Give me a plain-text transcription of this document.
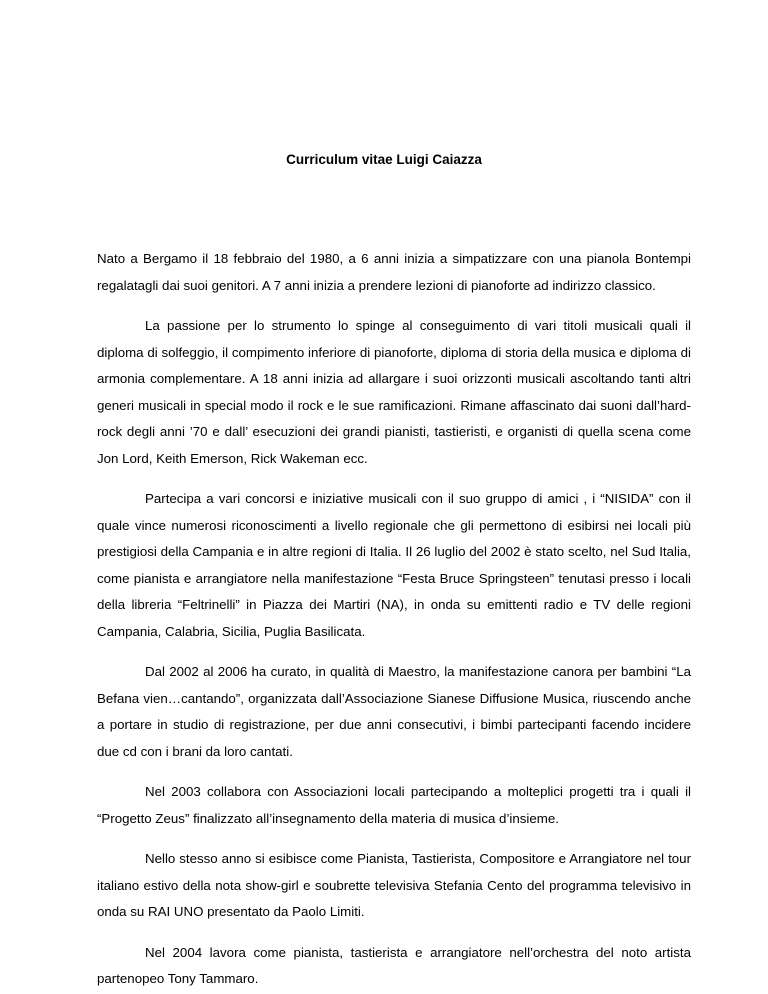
Curriculum vitae Luigi Caiazza

Nato a Bergamo il 18 febbraio del 1980, a 6 anni inizia a simpatizzare con una pianola Bontempi regalatagli dai suoi genitori. A 7 anni inizia a prendere lezioni di pianoforte ad indirizzo classico.

La passione per lo strumento lo spinge al conseguimento di vari titoli musicali quali il diploma di solfeggio, il compimento inferiore di pianoforte, diploma di storia della musica e diploma di armonia complementare. A 18 anni inizia ad allargare i suoi orizzonti musicali ascoltando tanti altri generi musicali in special modo il rock e le sue ramificazioni. Rimane affascinato dai suoni dall’hard-rock degli anni ’70 e dall’ esecuzioni dei grandi pianisti, tastieristi, e organisti di quella scena come Jon Lord, Keith Emerson, Rick Wakeman ecc.

Partecipa a vari concorsi e iniziative musicali con il suo gruppo di amici , i “NISIDA” con il quale vince numerosi riconoscimenti a livello regionale che gli permettono di esibirsi nei locali più prestigiosi della Campania e in altre regioni di Italia. Il 26 luglio del 2002 è stato scelto, nel Sud Italia, come pianista e arrangiatore nella manifestazione “Festa Bruce Springsteen” tenutasi presso i locali della libreria “Feltrinelli” in Piazza dei Martiri (NA), in onda su emittenti radio e TV delle regioni Campania, Calabria, Sicilia, Puglia Basilicata.

Dal 2002 al 2006 ha curato, in qualità di Maestro, la manifestazione canora per bambini “La Befana vien…cantando”, organizzata dall’Associazione Sianese Diffusione Musica, riuscendo anche a portare in studio di registrazione, per due anni consecutivi, i bimbi partecipanti facendo incidere due cd con i brani da loro cantati.

Nel 2003 collabora con Associazioni locali partecipando a molteplici progetti tra i quali il “Progetto Zeus” finalizzato all’insegnamento della materia di musica d’insieme.

Nello stesso anno si esibisce come Pianista, Tastierista, Compositore e Arrangiatore nel tour italiano estivo della nota show-girl e soubrette televisiva Stefania Cento del programma televisivo in onda su RAI UNO presentato da Paolo Limiti.

Nel 2004 lavora come pianista, tastierista e arrangiatore nell’orchestra del noto artista partenopeo Tony Tammaro.
